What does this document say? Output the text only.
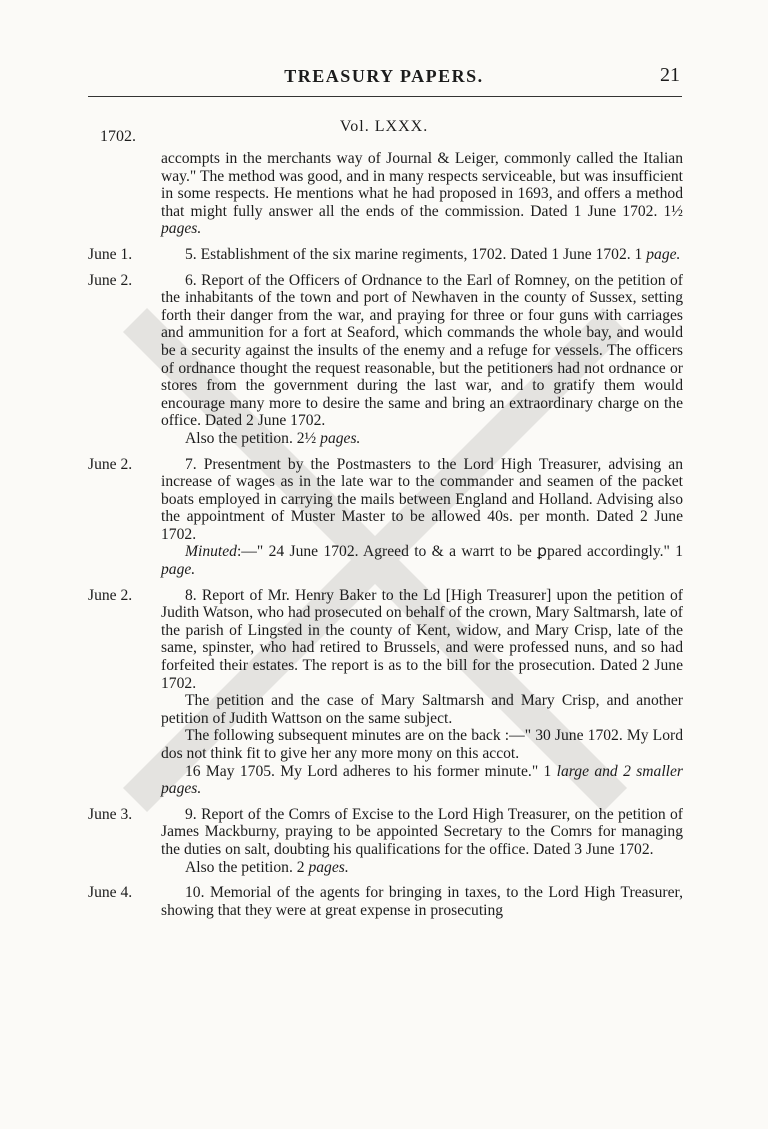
TREASURY PAPERS.	21
Vol. LXXX.
1702.

accompts in the merchants way of Journal & Leiger, commonly called the Italian way." The method was good, and in many respects serviceable, but was insufficient in some respects. He mentions what he had proposed in 1693, and offers a method that might fully answer all the ends of the commission. Dated 1 June 1702. 1½ pages.

June 1.	5. Establishment of the six marine regiments, 1702. Dated 1 June 1702. 1 page.

June 2.	6. Report of the Officers of Ordnance to the Earl of Romney, on the petition of the inhabitants of the town and port of Newhaven in the county of Sussex, setting forth their danger from the war, and praying for three or four guns with carriages and ammunition for a fort at Seaford, which commands the whole bay, and would be a security against the insults of the enemy and a refuge for vessels. The officers of ordnance thought the request reasonable, but the petitioners had not ordnance or stores from the government during the last war, and to gratify them would encourage many more to desire the same and bring an extraordinary charge on the office. Dated 2 June 1702.

Also the petition. 2½ pages.

June 2.	7. Presentment by the Postmasters to the Lord High Treasurer, advising an increase of wages as in the late war to the commander and seamen of the packet boats employed in carrying the mails between England and Holland. Advising also the appointment of Muster Master to be allowed 40s. per month. Dated 2 June 1702.

Minuted:—" 24 June 1702. Agreed to & a warrt to be ꝑpared accordingly." 1 page.

June 2.	8. Report of Mr. Henry Baker to the Ld [High Treasurer] upon the petition of Judith Watson, who had prosecuted on behalf of the crown, Mary Saltmarsh, late of the parish of Lingsted in the county of Kent, widow, and Mary Crisp, late of the same, spinster, who had retired to Brussels, and were professed nuns, and so had forfeited their estates. The report is as to the bill for the prosecution. Dated 2 June 1702.

The petition and the case of Mary Saltmarsh and Mary Crisp, and another petition of Judith Wattson on the same subject.

The following subsequent minutes are on the back :—" 30 June 1702. My Lord dos not think fit to give her any more mony on this accot.

16 May 1705. My Lord adheres to his former minute." 1 large and 2 smaller pages.

June 3.	9. Report of the Comrs of Excise to the Lord High Treasurer, on the petition of James Mackburny, praying to be appointed Secretary to the Comrs for managing the duties on salt, doubting his qualifications for the office. Dated 3 June 1702.

Also the petition. 2 pages.

June 4.	10. Memorial of the agents for bringing in taxes, to the Lord High Treasurer, showing that they were at great expense in prosecuting
